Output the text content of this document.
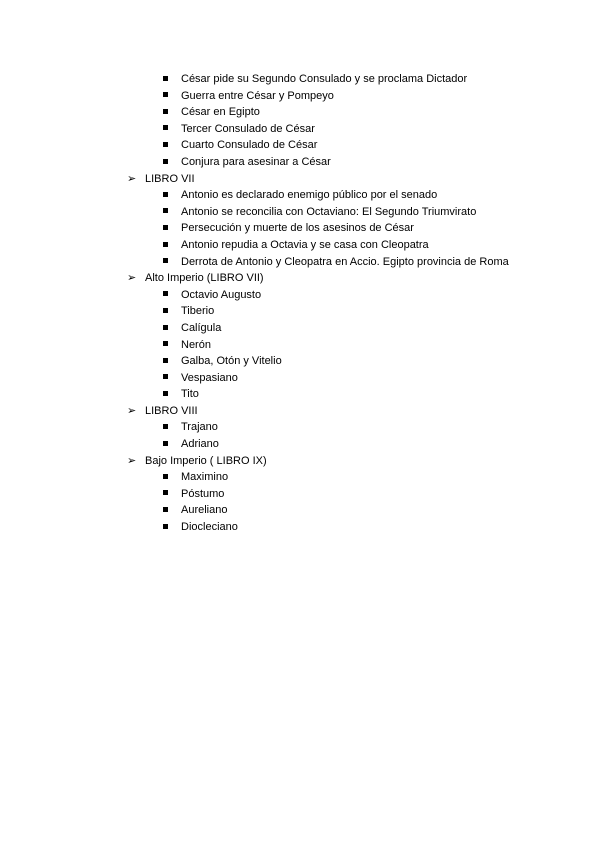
César pide su Segundo Consulado y se proclama Dictador
Guerra entre César y Pompeyo
César en Egipto
Tercer Consulado de César
Cuarto Consulado de César
Conjura para asesinar a César
➢ LIBRO VII
Antonio es declarado enemigo público por el senado
Antonio se reconcilia con Octaviano: El Segundo Triumvirato
Persecución y muerte de los asesinos de César
Antonio repudia a Octavia y se casa con Cleopatra
Derrota de Antonio y Cleopatra en Accio. Egipto provincia de Roma
➢ Alto Imperio (LIBRO VII)
Octavio Augusto
Tiberio
Calígula
Nerón
Galba, Otón y Vitelio
Vespasiano
Tito
➢ LIBRO VIII
Trajano
Adriano
➢ Bajo Imperio ( LIBRO IX)
Maximino
Póstumo
Aureliano
Diocleciano
